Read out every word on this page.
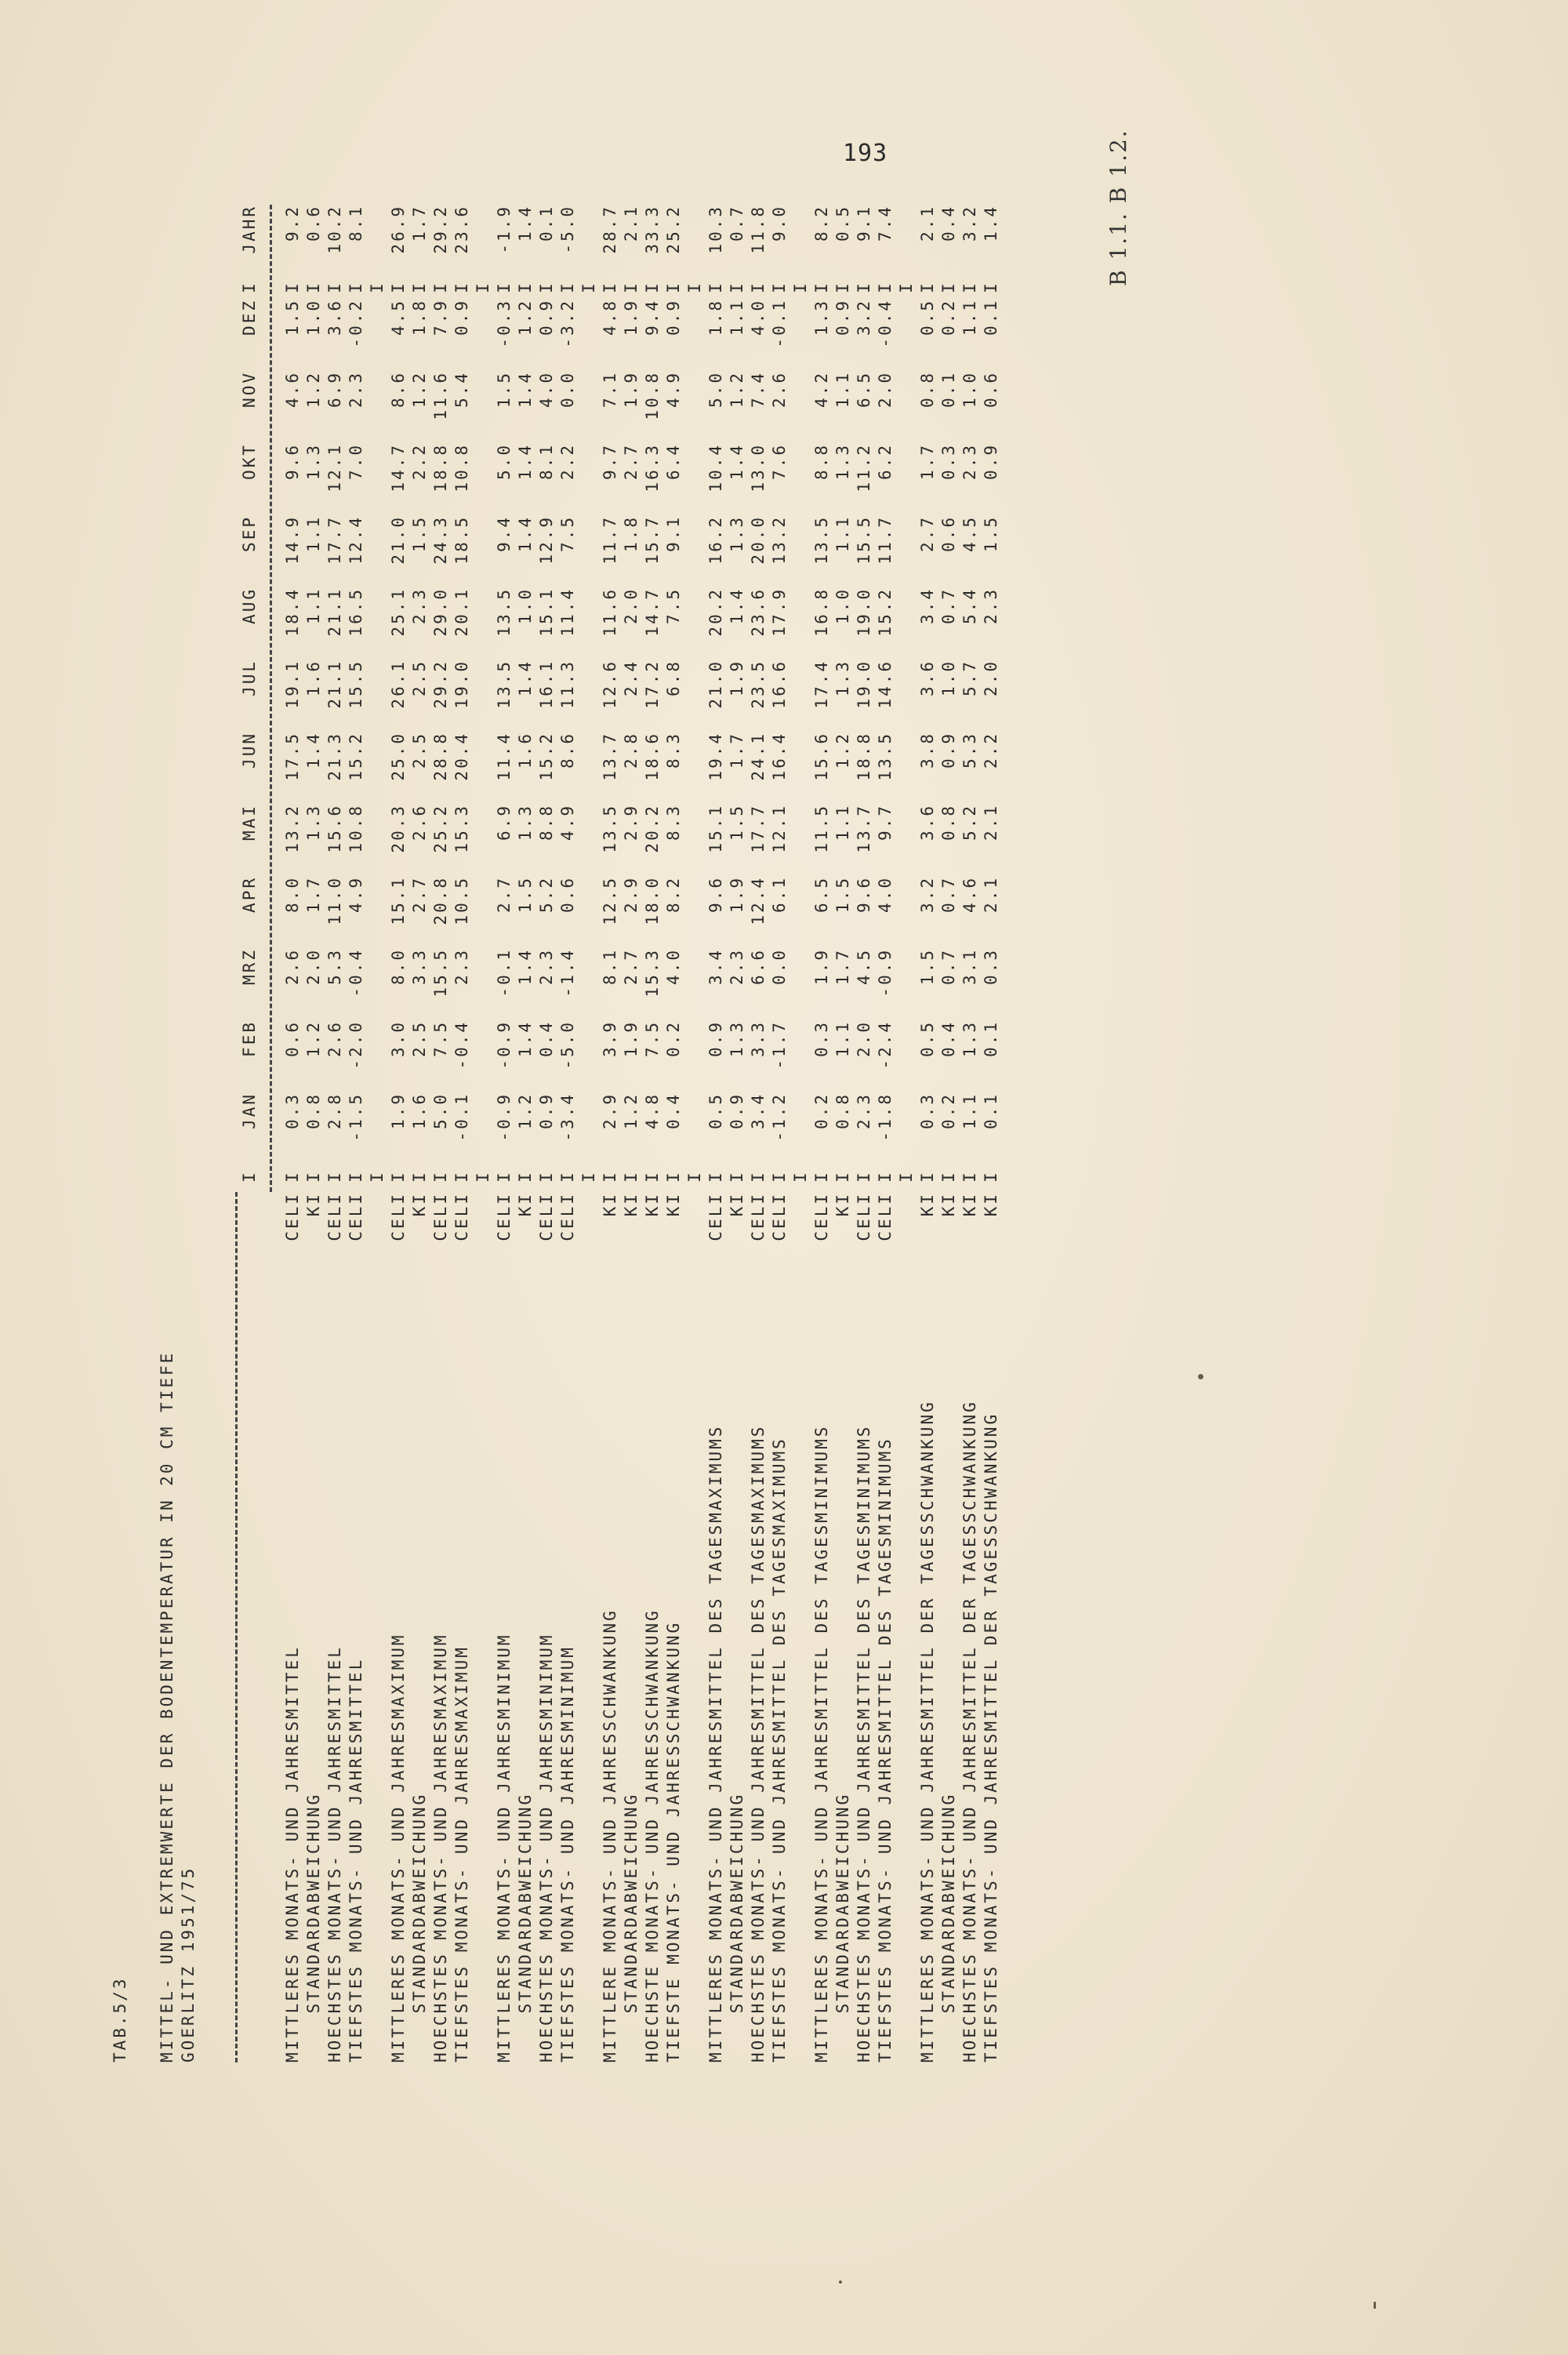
193	B 1.1. B 1.2.
TAB.5/3 MITTEL- UND EXTREMWERTE DER BODENTEMPERATUR IN 20 CM TIEFE GOERLITZ 1951/75
I
JAN
FEB
MRZ
APR
MAI
JUN
JUL
AUG
SEP
OKT
NOV
DEZ
I
JAHR
MITTLERES MONATS- UND JAHRESMITTEL
CELI
I
0.3
0.6
2.6
8.0
13.2
17.5
19.1
18.4
14.9
9.6
4.6
1.5
I
9.2
STANDARDABWEICHUNG
KI
I
0.8
1.2
2.0
1.7
1.3
1.4
1.6
1.1
1.1
1.3
1.2
1.0
I
0.6
HOECHSTES MONATS- UND JAHRESMITTEL
CELI
I
2.8
2.6
5.3
11.0
15.6
21.3
21.1
21.1
17.7
12.1
6.9
3.6
I
10.2
TIEFSTES MONATS- UND JAHRESMITTEL
CELI
I
-1.5
-2.0
-0.4
4.9
10.8
15.2
15.5
16.5
12.4
7.0
2.3
-0.2
I
8.1
I
I
MITTLERES MONATS- UND JAHRESMAXIMUM
CELI
I
1.9
3.0
8.0
15.1
20.3
25.0
26.1
25.1
21.0
14.7
8.6
4.5
I
26.9
STANDARDABWEICHUNG
KI
I
1.6
2.5
3.3
2.7
2.6
2.5
2.5
2.3
1.5
2.2
1.2
1.8
I
1.7
HOECHSTES MONATS- UND JAHRESMAXIMUM
CELI
I
5.0
7.5
15.5
20.8
25.2
28.8
29.2
29.0
24.3
18.8
11.6
7.9
I
29.2
TIEFSTES MONATS- UND JAHRESMAXIMUM
CELI
I
-0.1
-0.4
2.3
10.5
15.3
20.4
19.0
20.1
18.5
10.8
5.4
0.9
I
23.6
I
I
MITTLERES MONATS- UND JAHRESMINIMUM
CELI
I
-0.9
-0.9
-0.1
2.7
6.9
11.4
13.5
13.5
9.4
5.0
1.5
-0.3
I
-1.9
STANDARDABWEICHUNG
KI
I
1.2
1.4
1.4
1.5
1.3
1.6
1.4
1.0
1.4
1.4
1.4
1.2
I
1.4
HOECHSTES MONATS- UND JAHRESMINIMUM
CELI
I
0.9
0.4
2.3
5.2
8.8
15.2
16.1
15.1
12.9
8.1
4.0
0.9
I
0.1
TIEFSTES MONATS- UND JAHRESMINIMUM
CELI
I
-3.4
-5.0
-1.4
0.6
4.9
8.6
11.3
11.4
7.5
2.2
0.0
-3.2
I
-5.0
I
I
MITTLERE MONATS- UND JAHRESSCHWANKUNG
KI
I
2.9
3.9
8.1
12.5
13.5
13.7
12.6
11.6
11.7
9.7
7.1
4.8
I
28.7
STANDARDABWEICHUNG
KI
I
1.2
1.9
2.7
2.9
2.9
2.8
2.4
2.0
1.8
2.7
1.9
1.9
I
2.1
HOECHSTE MONATS- UND JAHRESSCHWANKUNG
KI
I
4.8
7.5
15.3
18.0
20.2
18.6
17.2
14.7
15.7
16.3
10.8
9.4
I
33.3
TIEFSTE MONATS- UND JAHRESSCHWANKUNG
KI
I
0.4
0.2
4.0
8.2
8.3
8.3
6.8
7.5
9.1
6.4
4.9
0.9
I
25.2
I
I
MITTLERES MONATS- UND JAHRESMITTEL DES TAGESMAXIMUMS
CELI
I
0.5
0.9
3.4
9.6
15.1
19.4
21.0
20.2
16.2
10.4
5.0
1.8
I
10.3
STANDARDABWEICHUNG
KI
I
0.9
1.3
2.3
1.9
1.5
1.7
1.9
1.4
1.3
1.4
1.2
1.1
I
0.7
HOECHSTES MONATS- UND JAHRESMITTEL DES TAGESMAXIMUMS
CELI
I
3.4
3.3
6.6
12.4
17.7
24.1
23.5
23.6
20.0
13.0
7.4
4.0
I
11.8
TIEFSTES MONATS- UND JAHRESMITTEL DES TAGESMAXIMUMS
CELI
I
-1.2
-1.7
0.0
6.1
12.1
16.4
16.6
17.9
13.2
7.6
2.6
-0.1
I
9.0
I
I
MITTLERES MONATS- UND JAHRESMITTEL DES TAGESMINIMUMS
CELI
I
0.2
0.3
1.9
6.5
11.5
15.6
17.4
16.8
13.5
8.8
4.2
1.3
I
8.2
STANDARDABWEICHUNG
KI
I
0.8
1.1
1.7
1.5
1.1
1.2
1.3
1.0
1.1
1.3
1.1
0.9
I
0.5
HOECHSTES MONATS- UND JAHRESMITTEL DES TAGESMINIMUMS
CELI
I
2.3
2.0
4.5
9.6
13.7
18.8
19.0
19.0
15.5
11.2
6.5
3.2
I
9.1
TIEFSTES MONATS- UND JAHRESMITTEL DES TAGESMINIMUMS
CELI
I
-1.8
-2.4
-0.9
4.0
9.7
13.5
14.6
15.2
11.7
6.2
2.0
-0.4
I
7.4
I
I
MITTLERES MONATS- UND JAHRESMITTEL DER TAGESSCHWANKUNG
KI
I
0.3
0.5
1.5
3.2
3.6
3.8
3.6
3.4
2.7
1.7
0.8
0.5
I
2.1
STANDARDABWEICHUNG
KI
I
0.2
0.4
0.7
0.7
0.8
0.9
1.0
0.7
0.6
0.3
0.1
0.2
I
0.4
HOECHSTES MONATS- UND JAHRESMITTEL DER TAGESSCHWANKUNG
KI
I
1.1
1.3
3.1
4.6
5.2
5.3
5.7
5.4
4.5
2.3
1.0
1.1
I
3.2
TIEFSTES MONATS- UND JAHRESMITTEL DER TAGESSCHWANKUNG
KI
I
0.1
0.1
0.3
2.1
2.1
2.2
2.0
2.3
1.5
0.9
0.6
0.1
I
1.4
